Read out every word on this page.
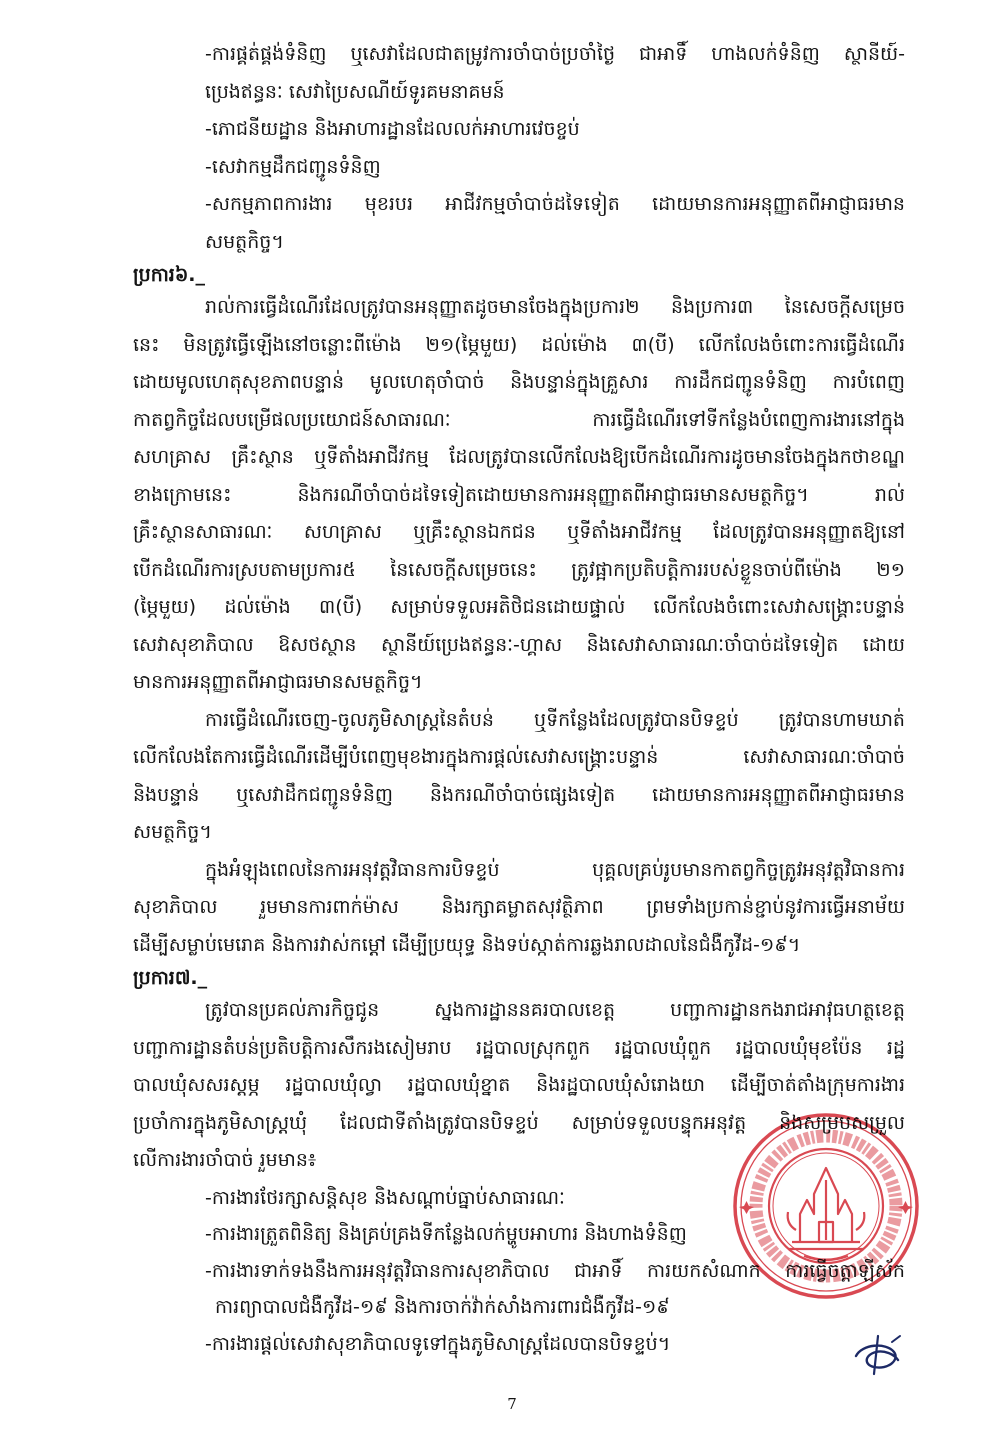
-ការផ្គត់ផ្គង់ទំនិញ ឬសេវាដែលជាតម្រូវការចាំបាច់ប្រចាំថ្ងៃ ជាអាទិ៍ ហាងលក់ទំនិញ ស្ថានីយ៍-
ប្រេងឥន្ធនៈ សេវាប្រៃសណីយ៍ទូរគមនាគមន៍
-ភោជនីយដ្ឋាន និងអាហារដ្ឋានដែលលក់អាហារវេចខ្ចប់
-សេវាកម្មដឹកជញ្ជូនទំនិញ
-សកម្មភាពការងារ មុខរបរ អាជីវកម្មចាំបាច់ដទៃទៀត ដោយមានការអនុញ្ញាតពីអាជ្ញាធរមាន
សមត្ថកិច្ច។
ប្រការ៦._
រាល់ការធ្វើដំណើរដែលត្រូវបានអនុញ្ញាតដូចមានចែងក្នុងប្រការ២ និងប្រការ៣ នៃសេចក្តីសម្រេច
នេះ មិនត្រូវធ្វើឡើងនៅចន្លោះពីម៉ោង ២១(ម្ភៃមួយ) ដល់ម៉ោង ៣(បី) លើកលែងចំពោះការធ្វើដំណើរ
ដោយមូលហេតុសុខភាពបន្ទាន់ មូលហេតុចាំបាច់ និងបន្ទាន់ក្នុងគ្រួសារ ការដឹកជញ្ជូនទំនិញ ការបំពេញ
កាតព្វកិច្ចដែលបម្រើផលប្រយោជន៍សាធារណៈ ការធ្វើដំណើរទៅទីកន្លែងបំពេញការងារនៅក្នុង
សហគ្រាស គ្រឹះស្ថាន ឬទីតាំងអាជីវកម្ម ដែលត្រូវបានលើកលែងឱ្យបើកដំណើរការដូចមានចែងក្នុងកថាខណ្ឌ
ខាងក្រោមនេះ និងករណីចាំបាច់ដទៃទៀតដោយមានការអនុញ្ញាតពីអាជ្ញាធរមានសមត្ថកិច្ច។ រាល់
គ្រឹះស្ថានសាធារណៈ សហគ្រាស ឬគ្រឹះស្ថានឯកជន ឬទីតាំងអាជីវកម្ម ដែលត្រូវបានអនុញ្ញាតឱ្យនៅ
បើកដំណើរការស្របតាមប្រការ៥ នៃសេចក្តីសម្រេចនេះ ត្រូវផ្អាកប្រតិបត្តិការរបស់ខ្លួនចាប់ពីម៉ោង ២១
(ម្ភៃមួយ) ដល់ម៉ោង ៣(បី) សម្រាប់ទទួលអតិថិជនដោយផ្ទាល់ លើកលែងចំពោះសេវាសង្គ្រោះបន្ទាន់
សេវាសុខាភិបាល ឱសថស្ថាន ស្ថានីយ៍ប្រេងឥន្ធនៈ-ហ្គាស និងសេវាសាធារណៈចាំបាច់ដទៃទៀត ដោយ
មានការអនុញ្ញាតពីអាជ្ញាធរមានសមត្ថកិច្ច។
ការធ្វើដំណើរចេញ-ចូលភូមិសាស្ត្រនៃតំបន់ ឬទីកន្លែងដែលត្រូវបានបិទខ្ទប់ ត្រូវបានហាមឃាត់
លើកលែងតែការធ្វើដំណើរដើម្បីបំពេញមុខងារក្នុងការផ្តល់សេវាសង្គ្រោះបន្ទាន់ សេវាសាធារណៈចាំបាច់
និងបន្ទាន់ ឬសេវាដឹកជញ្ជូនទំនិញ និងករណីចាំបាច់ផ្សេងទៀត ដោយមានការអនុញ្ញាតពីអាជ្ញាធរមាន
សមត្ថកិច្ច។
ក្នុងអំឡុងពេលនៃការអនុវត្តវិធានការបិទខ្ទប់ បុគ្គលគ្រប់រូបមានកាតព្វកិច្ចត្រូវអនុវត្តវិធានការ
សុខាភិបាល រួមមានការពាក់ម៉ាស និងរក្សាគម្លាតសុវត្ថិភាព ព្រមទាំងប្រកាន់ខ្ជាប់នូវការធ្វើអនាម័យ
ដើម្បីសម្លាប់មេរោគ និងការវាស់កម្តៅ ដើម្បីប្រយុទ្ធ និងទប់ស្កាត់ការឆ្លងរាលដាលនៃជំងឺកូវីដ-១៩។
ប្រការ៧._
ត្រូវបានប្រគល់ភារកិច្ចជូន ស្នងការដ្ឋាននគរបាលខេត្ត បញ្ជាការដ្ឋានកងរាជអាវុធហត្ថខេត្ត
បញ្ជាការដ្ឋានតំបន់ប្រតិបត្តិការសឹករងសៀមរាប រដ្ឋបាលស្រុកពួក រដ្ឋបាលឃុំពួក រដ្ឋបាលឃុំមុខប៉ែន រដ្ឋ
បាលឃុំសសរស្តម្ភ រដ្ឋបាលឃុំល្វា រដ្ឋបាលឃុំខ្នាត និងរដ្ឋបាលឃុំសំរោងយា ដើម្បីចាត់តាំងក្រុមការងារ
ប្រចាំការក្នុងភូមិសាស្ត្រឃុំ ដែលជាទីតាំងត្រូវបានបិទខ្ទប់ សម្រាប់ទទួលបន្ទុកអនុវត្ត និងសម្របសម្រួល
លើការងារចាំបាច់ រួមមាន៖
-ការងារថែរក្សាសន្តិសុខ និងសណ្តាប់ធ្នាប់សាធារណៈ
-ការងារត្រួតពិនិត្យ និងគ្រប់គ្រងទីកន្លែងលក់ម្ហូបអាហារ និងហាងទំនិញ
-ការងារទាក់ទងនឹងការអនុវត្តវិធានការសុខាភិបាល ជាអាទិ៍ ការយកសំណាក ការធ្វើចត្តាឡីស័ក
ការព្យាបាលជំងឺកូវីដ-១៩ និងការចាក់វ៉ាក់សាំងការពារជំងឺកូវីដ-១៩
-ការងារផ្តល់សេវាសុខាភិបាលទូទៅក្នុងភូមិសាស្ត្រដែលបានបិទខ្ទប់។
7
